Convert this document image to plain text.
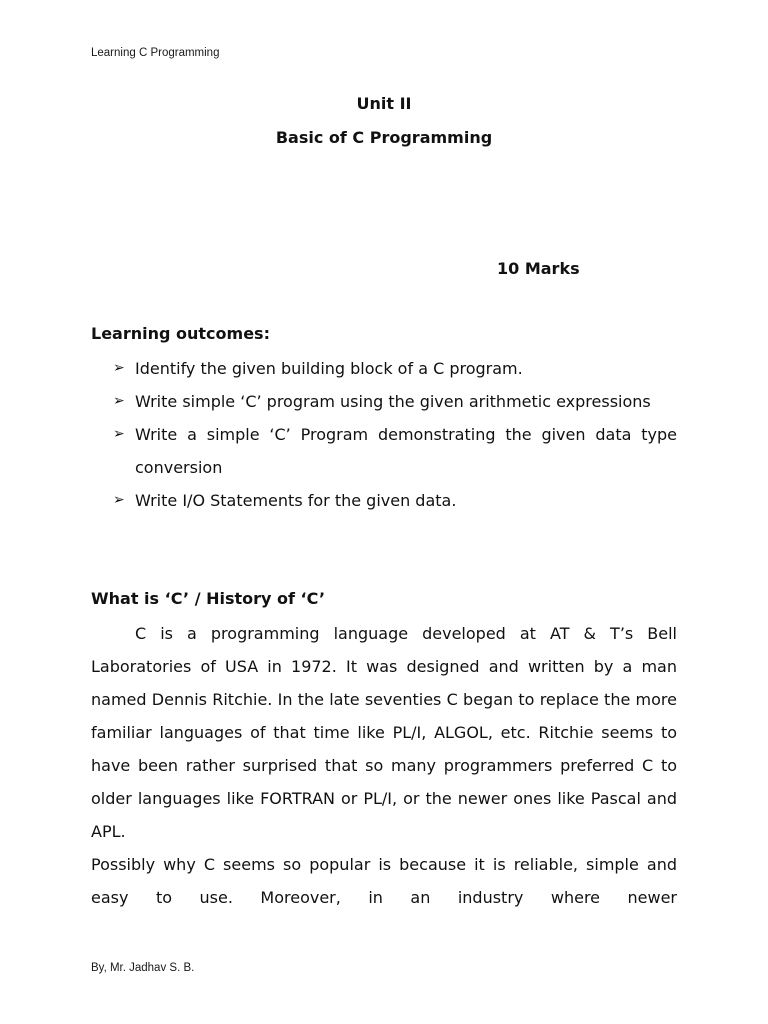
Learning C Programming
Unit II
Basic of C Programming
10 Marks
Learning outcomes:
➢ Identify the given building block of a C program.
➢ Write simple ‘C’ program using the given arithmetic expressions
➢ Write a simple ‘C’ Program demonstrating the given data type conversion
➢ Write I/O Statements for the given data.
What is ‘C’ / History of ‘C’

C is a programming language developed at AT & T’s Bell Laboratories of USA in 1972. It was designed and written by a man named Dennis Ritchie. In the late seventies C began to replace the more familiar languages of that time like PL/I, ALGOL, etc. Ritchie seems to have been rather surprised that so many programmers preferred C to older languages like FORTRAN or PL/I, or the newer ones like Pascal and APL.

Possibly why C seems so popular is because it is reliable, simple and easy to use. Moreover, in an industry where newer

By, Mr. Jadhav S. B.
